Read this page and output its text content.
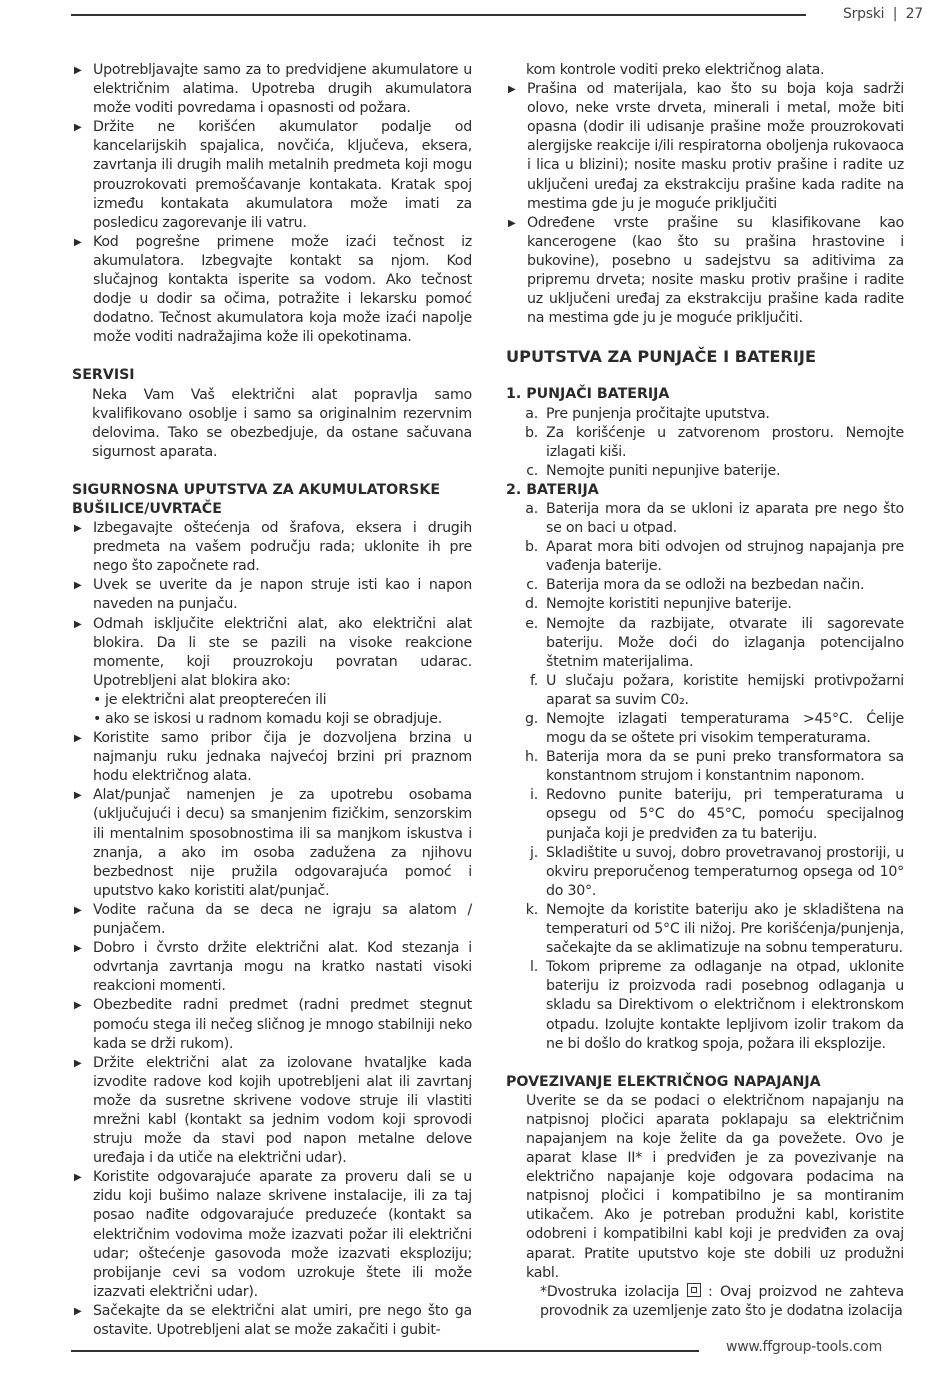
Srpski | 27
▶ Upotrebljavajte samo za to predvidjene akumulatore u električnim alatima. Upotreba drugih akumulatora može voditi povredama i opasnosti od požara.
▶ Držite ne korišćen akumulator podalje od kancelarijskih spajalica, novčića, ključeva, eksera, zavrtanja ili drugih malih metalnih predmeta koji mogu prouzrokovati premošćavanje kontakata. Kratak spoj između kontakata akumulatora može imati za posledicu zagorevanje ili vatru.
▶ Kod pogrešne primene može izaći tečnost iz akumulatora. Izbegvajte kontakt sa njom. Kod slučajnog kontakta isperite sa vodom. Ako tečnost dodje u dodir sa očima, potražite i lekarsku pomoć dodatno. Tečnost akumulatora koja može izaći napolje može voditi nadražajima kože ili opekotinama.
SERVISI
Neka Vam Vaš električni alat popravlja samo kvalifikovano osoblje i samo sa originalnim rezervnim delovima. Tako se obezbedjuje, da ostane sačuvana sigurnost aparata.
SIGURNOSNA UPUTSTVA ZA AKUMULATORSKE BUŠILICE/UVRTAČE
▶ Izbegavajte oštećenja od šrafova, eksera i drugih predmeta na vašem području rada; uklonite ih pre nego što započnete rad.
▶ Uvek se uverite da je napon struje isti kao i napon naveden na punjaču.
▶ Odmah isključite električni alat, ako električni alat blokira. Da li ste se pazili na visoke reakcione momente, koji prouzrokoju povratan udarac. Upotrebljeni alat blokira ako:
• je električni alat preopterećen ili
• ako se iskosi u radnom komadu koji se obradjuje.
▶ Koristite samo pribor čija je dozvoljena brzina u najmanju ruku jednaka najvećoj brzini pri praznom hodu električnog alata.
▶ Alat/punjač namenjen je za upotrebu osobama (uključujući i decu) sa smanjenim fizičkim, senzorskim ili mentalnim sposobnostima ili sa manjkom iskustva i znanja, a ako im osoba zadužena za njihovu bezbednost nije pružila odgovarajuća pomoć i uputstvo kako koristiti alat/punjač.
▶ Vodite računa da se deca ne igraju sa alatom / punjačem.
▶ Dobro i čvrsto držite električni alat. Kod stezanja i odvrtanja zavrtanja mogu na kratko nastati visoki reakcioni momenti.
▶ Obezbedite radni predmet (radni predmet stegnut pomoću stega ili nečeg sličnog je mnogo stabilniji neko kada se drži rukom).
▶ Držite električni alat za izolovane hvataljke kada izvodite radove kod kojih upotrebljeni alat ili zavrtanj može da susretne skrivene vodove struje ili vlastiti mrežni kabl (kontakt sa jednim vodom koji sprovodi struju može da stavi pod napon metalne delove uređaja i da utiče na električni udar).
▶ Koristite odgovarajuće aparate za proveru dali se u zidu koji bušimo nalaze skrivene instalacije, ili za taj posao nađite odgovarajuće preduzeće (kontakt sa električnim vodovima može izazvati požar ili električni udar; oštećenje gasovoda može izazvati eksploziju; probijanje cevi sa vodom uzrokuje štete ili može izazvati električni udar).
▶ Sačekajte da se električni alat umiri, pre nego što ga ostavite. Upotrebljeni alat se može zakačiti i gubit-
kom kontrole voditi preko električnog alata.
▶ Prašina od materijala, kao što su boja koja sadrži olovo, neke vrste drveta, minerali i metal, može biti opasna (dodir ili udisanje prašine može prouzrokovati alergijske reakcije i/ili respiratorna oboljenja rukovaoca i lica u blizini); nosite masku protiv prašine i radite uz uključeni uređaj za ekstrakciju prašine kada radite na mestima gde ju je moguće priključiti
▶ Određene vrste prašine su klasifikovane kao kancerogene (kao što su prašina hrastovine i bukovine), posebno u sadejstvu sa aditivima za pripremu drveta; nosite masku protiv prašine i radite uz uključeni uređaj za ekstrakciju prašine kada radite na mestima gde ju je moguće priključiti.
UPUTSTVA ZA PUNJAČE I BATERIJE
1. PUNJAČI BATERIJA
a. Pre punjenja pročitajte uputstva.
b. Za korišćenje u zatvorenom prostoru. Nemojte izlagati kiši.
c. Nemojte puniti nepunjive baterije.
2. BATERIJA
a. Baterija mora da se ukloni iz aparata pre nego što se on baci u otpad.
b. Aparat mora biti odvojen od strujnog napajanja pre vađenja baterije.
c. Baterija mora da se odloži na bezbedan način.
d. Nemojte koristiti nepunjive baterije.
e. Nemojte da razbijate, otvarate ili sagorevate bateriju. Može doći do izlaganja potencijalno štetnim materijalima.
f. U slučaju požara, koristite hemijski protivpožarni aparat sa suvim C0₂.
g. Nemojte izlagati temperaturama >45°C. Ćelije mogu da se oštete pri visokim temperaturama.
h. Baterija mora da se puni preko transformatora sa konstantnom strujom i konstantnim naponom.
i. Redovno punite bateriju, pri temperaturama u opsegu od 5°C do 45°C, pomoću specijalnog punjača koji je predviđen za tu bateriju.
j. Skladištite u suvoj, dobro provetravanoj prostoriji, u okviru preporučenog temperaturnog opsega od 10° do 30°.
k. Nemojte da koristite bateriju ako je skladištena na temperaturi od 5°C ili nižoj. Pre korišćenja/punjenja, sačekajte da se aklimatizuje na sobnu temperaturu.
l. Tokom pripreme za odlaganje na otpad, uklonite bateriju iz proizvoda radi posebnog odlaganja u skladu sa Direktivom o električnom i elektronskom otpadu. Izolujte kontakte lepljivom izolir trakom da ne bi došlo do kratkog spoja, požara ili eksplozije.
POVEZIVANJE ELEKTRIČNOG NAPAJANJA
Uverite se da se podaci o električnom napajanju na natpisnoj pločici aparata poklapaju sa električnim napajanjem na koje želite da ga povežete. Ovo je aparat klase II* i predviđen je za povezivanje na električno napajanje koje odgovara podacima na natpisnoj pločici i kompatibilno je sa montiranim utikačem. Ako je potreban produžni kabl, koristite odobreni i kompatibilni kabl koji je predviđen za ovaj aparat. Pratite uputstvo koje ste dobili uz produžni kabl.
*Dvostruka izolacija : Ovaj proizvod ne zahteva provodnik za uzemljenje zato što je dodatna izolacija
www.ffgroup-tools.com
